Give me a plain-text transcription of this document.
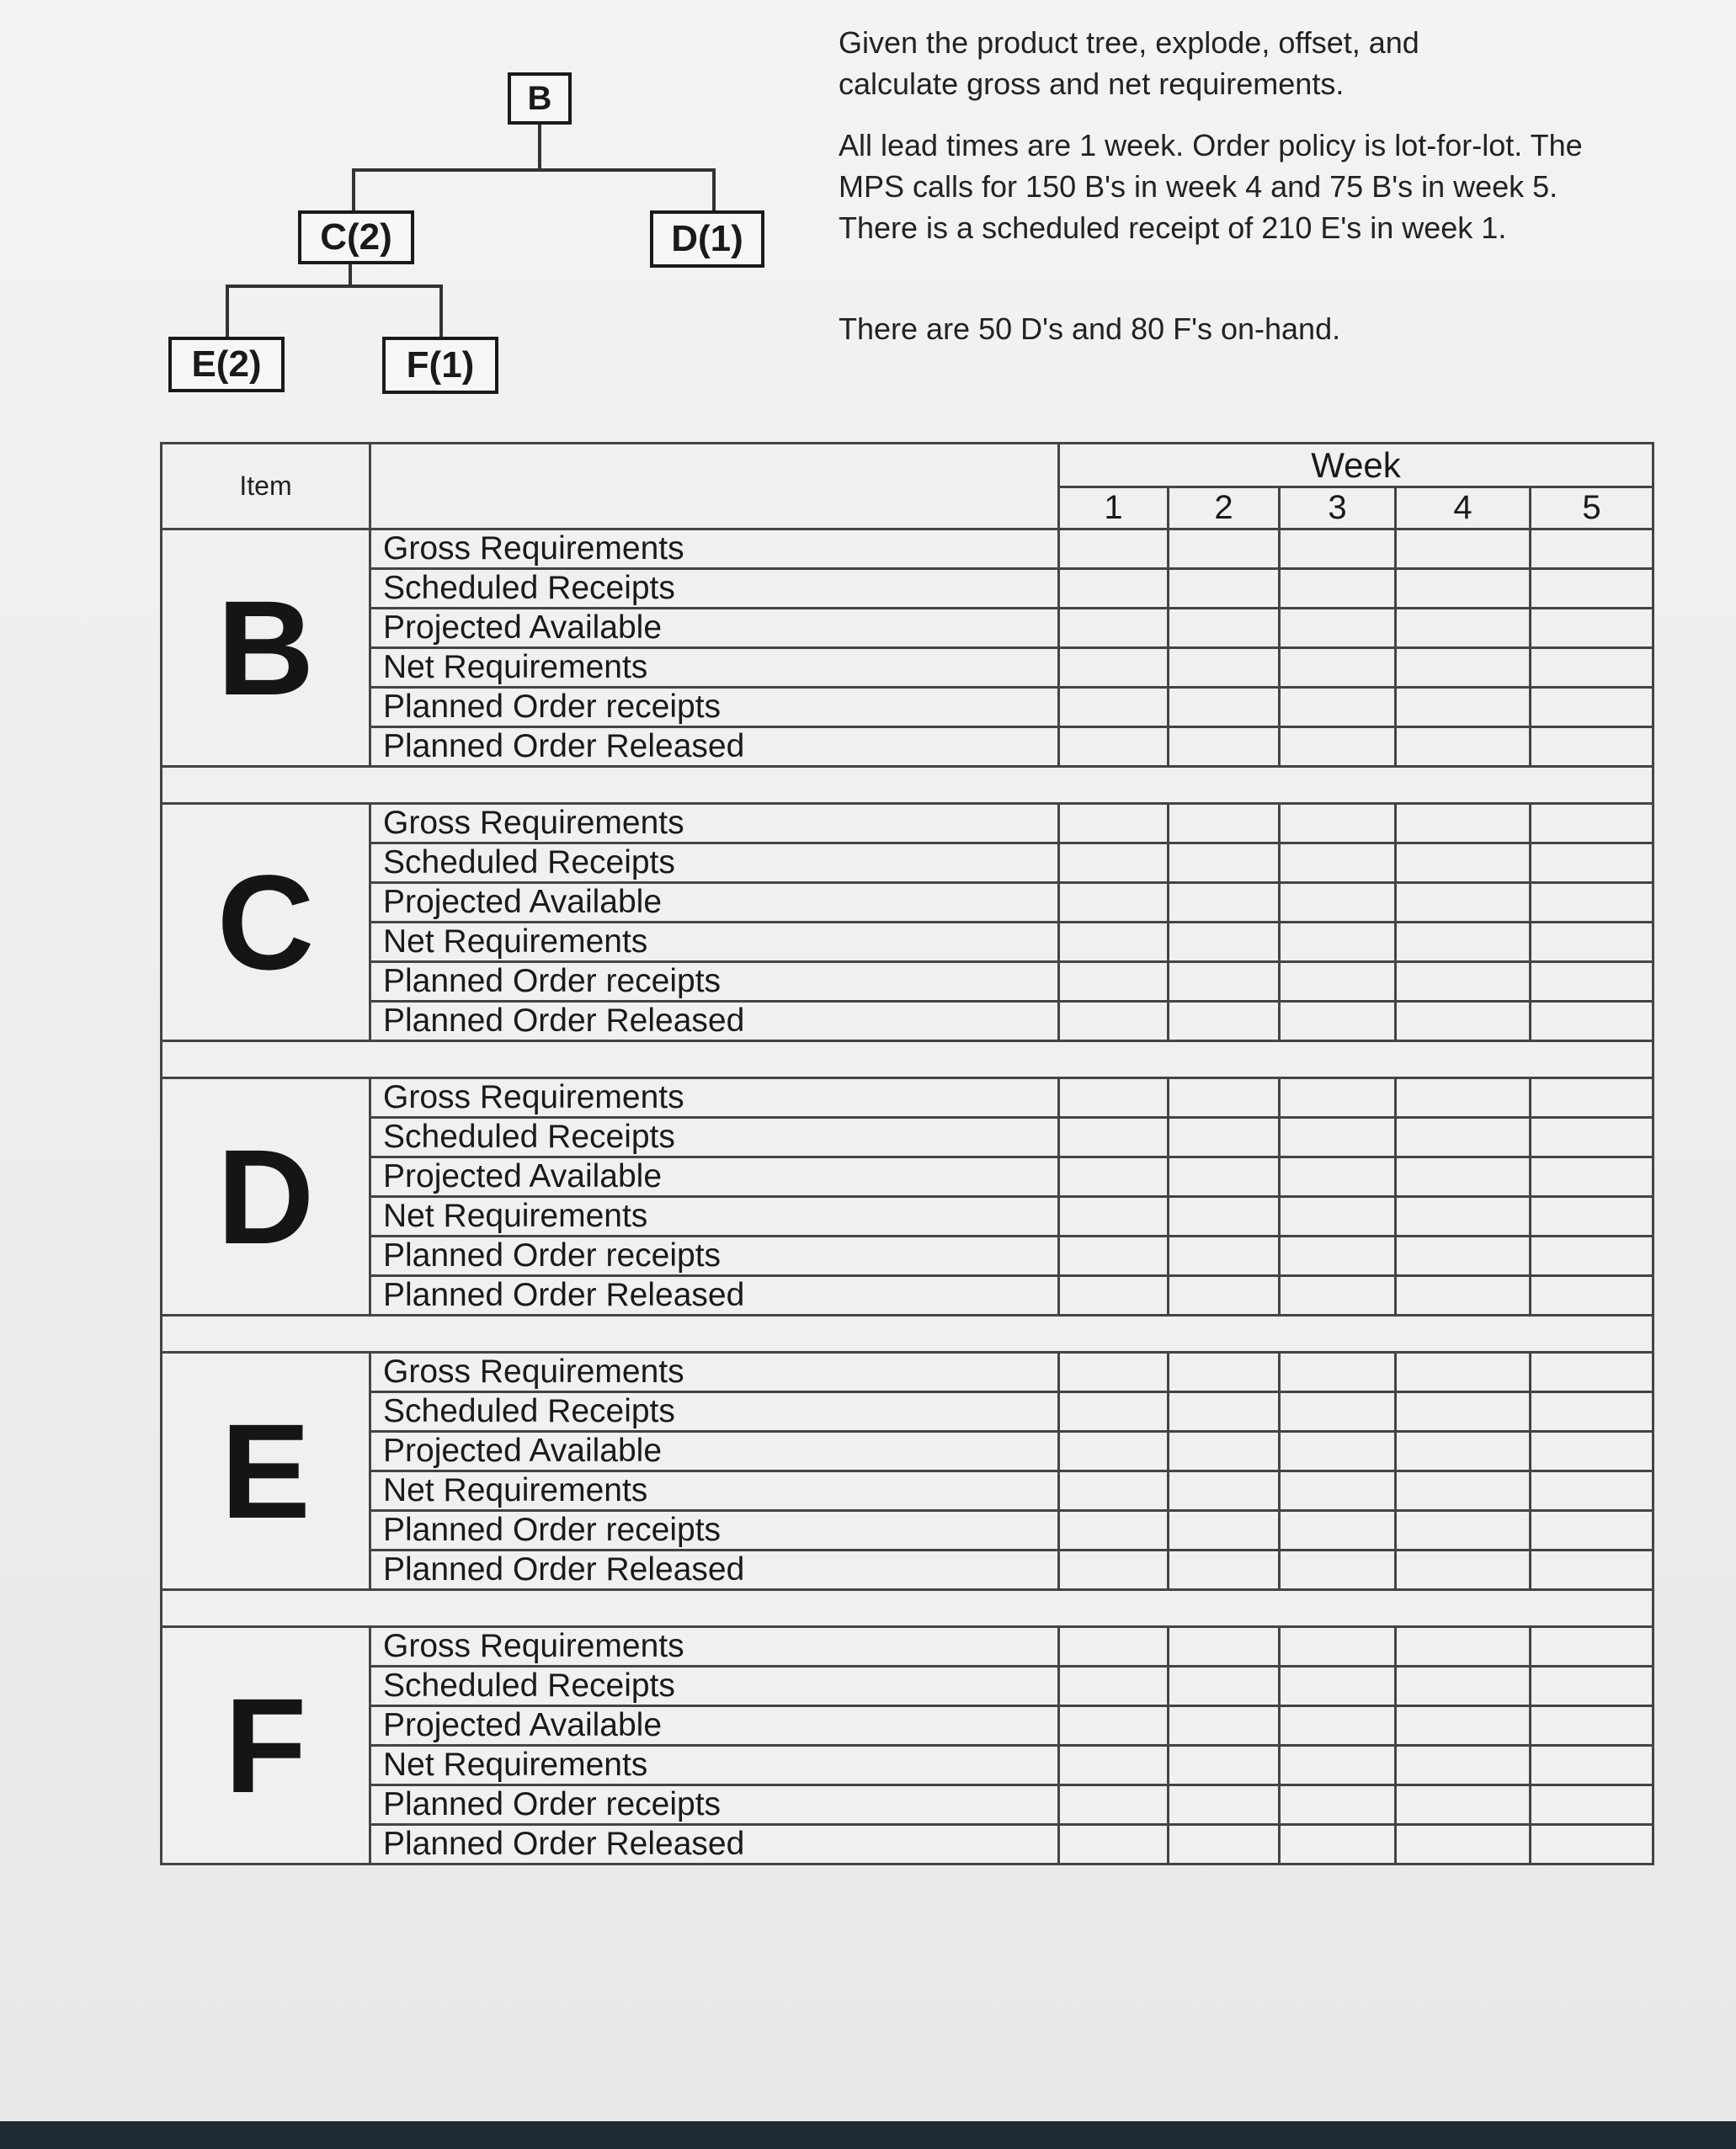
B
C(2)	D(1)
E(2)	F(1)
Given the product tree, explode, offset, and calculate gross and net requirements.
All lead times are 1 week. Order policy is lot-for-lot. The MPS calls for 150 B's in week 4 and 75 B's in week 5. There is a scheduled receipt of 210 E's in week 1.
There are 50 D's and 80 F's on-hand.
Item		Week				
		1	2	3	4	5
B	Gross Requirements					
	Scheduled Receipts					
	Projected Available					
	Net Requirements					
	Planned Order receipts					
	Planned Order Released					

C	Gross Requirements					
	Scheduled Receipts					
	Projected Available					
	Net Requirements					
	Planned Order receipts					
	Planned Order Released					

D	Gross Requirements					
	Scheduled Receipts					
	Projected Available					
	Net Requirements					
	Planned Order receipts					
	Planned Order Released					

E	Gross Requirements					
	Scheduled Receipts					
	Projected Available					
	Net Requirements					
	Planned Order receipts					
	Planned Order Released					

F	Gross Requirements					
	Scheduled Receipts					
	Projected Available					
	Net Requirements					
	Planned Order receipts					
	Planned Order Released					
